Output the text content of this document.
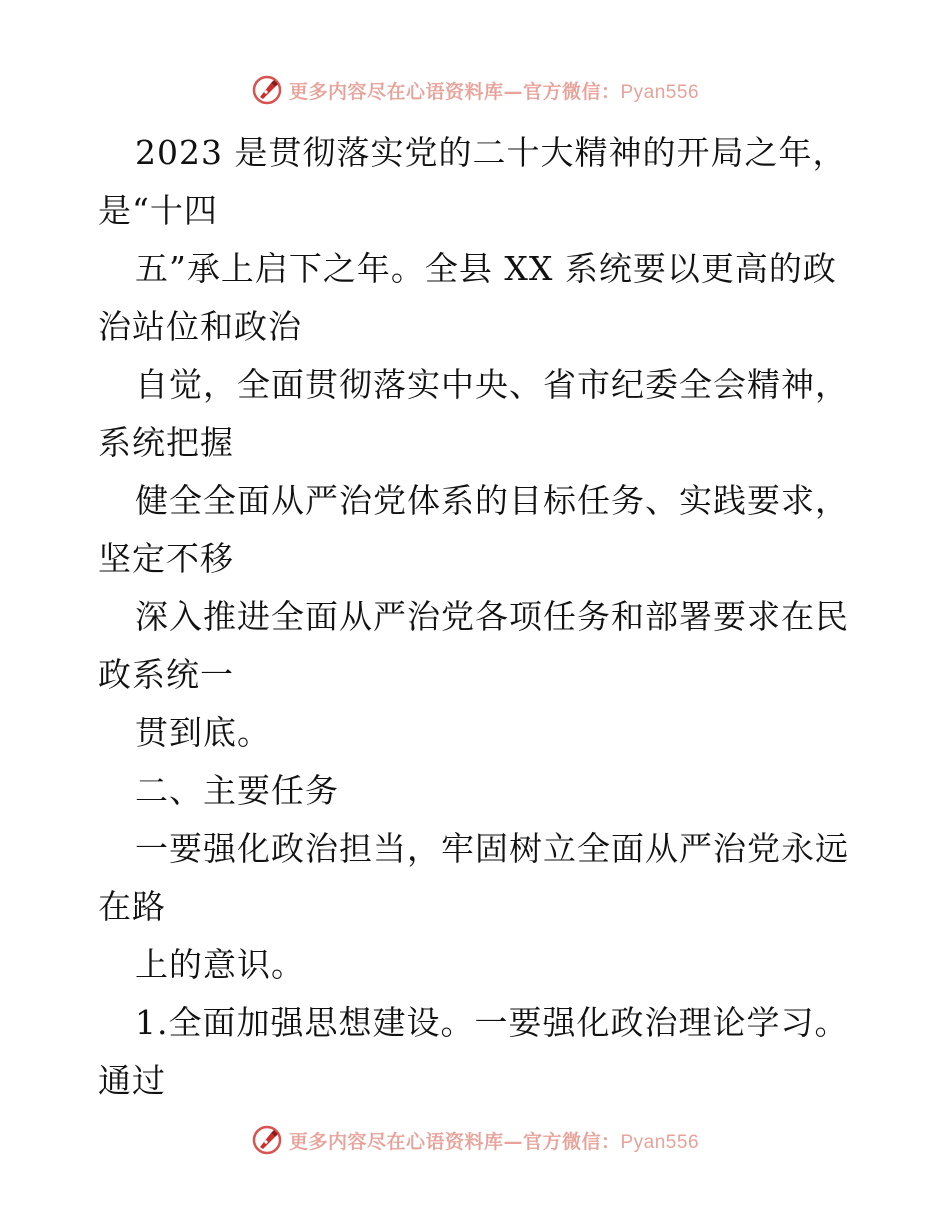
更多内容尽在心语资料库—官方微信：Pyan556
2023 是贯彻落实党的二十大精神的开局之年，
是“十四
五”承上启下之年。全县 XX 系统要以更高的政
治站位和政治
自觉，全面贯彻落实中央、省市纪委全会精神，
系统把握
健全全面从严治党体系的目标任务、实践要求，
坚定不移
深入推进全面从严治党各项任务和部署要求在民
政系统一
贯到底。
二、主要任务
一要强化政治担当，牢固树立全面从严治党永远
在路
上的意识。
1.全面加强思想建设。一要强化政治理论学习。
通过
更多内容尽在心语资料库—官方微信：Pyan556
